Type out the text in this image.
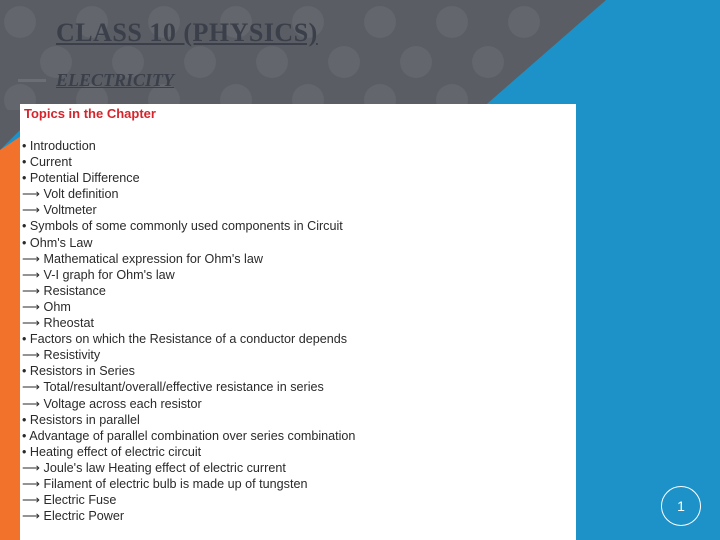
CLASS 10 (PHYSICS)
ELECTRICITY
Topics in the Chapter
• Introduction
• Current
• Potential Difference
⟶ Volt definition
⟶ Voltmeter
• Symbols of some commonly used components in Circuit
• Ohm's Law
⟶ Mathematical expression for Ohm's law
⟶ V-I graph for Ohm's law
⟶ Resistance
⟶ Ohm
⟶ Rheostat
• Factors on which the Resistance of a conductor depends
⟶ Resistivity
• Resistors in Series
⟶ Total/resultant/overall/effective resistance in series
⟶ Voltage across each resistor
• Resistors in parallel
• Advantage of parallel combination over series combination
• Heating effect of electric circuit
⟶ Joule's law Heating effect of electric current
⟶ Filament of electric bulb is made up of tungsten
⟶ Electric Fuse
⟶ Electric Power
1
